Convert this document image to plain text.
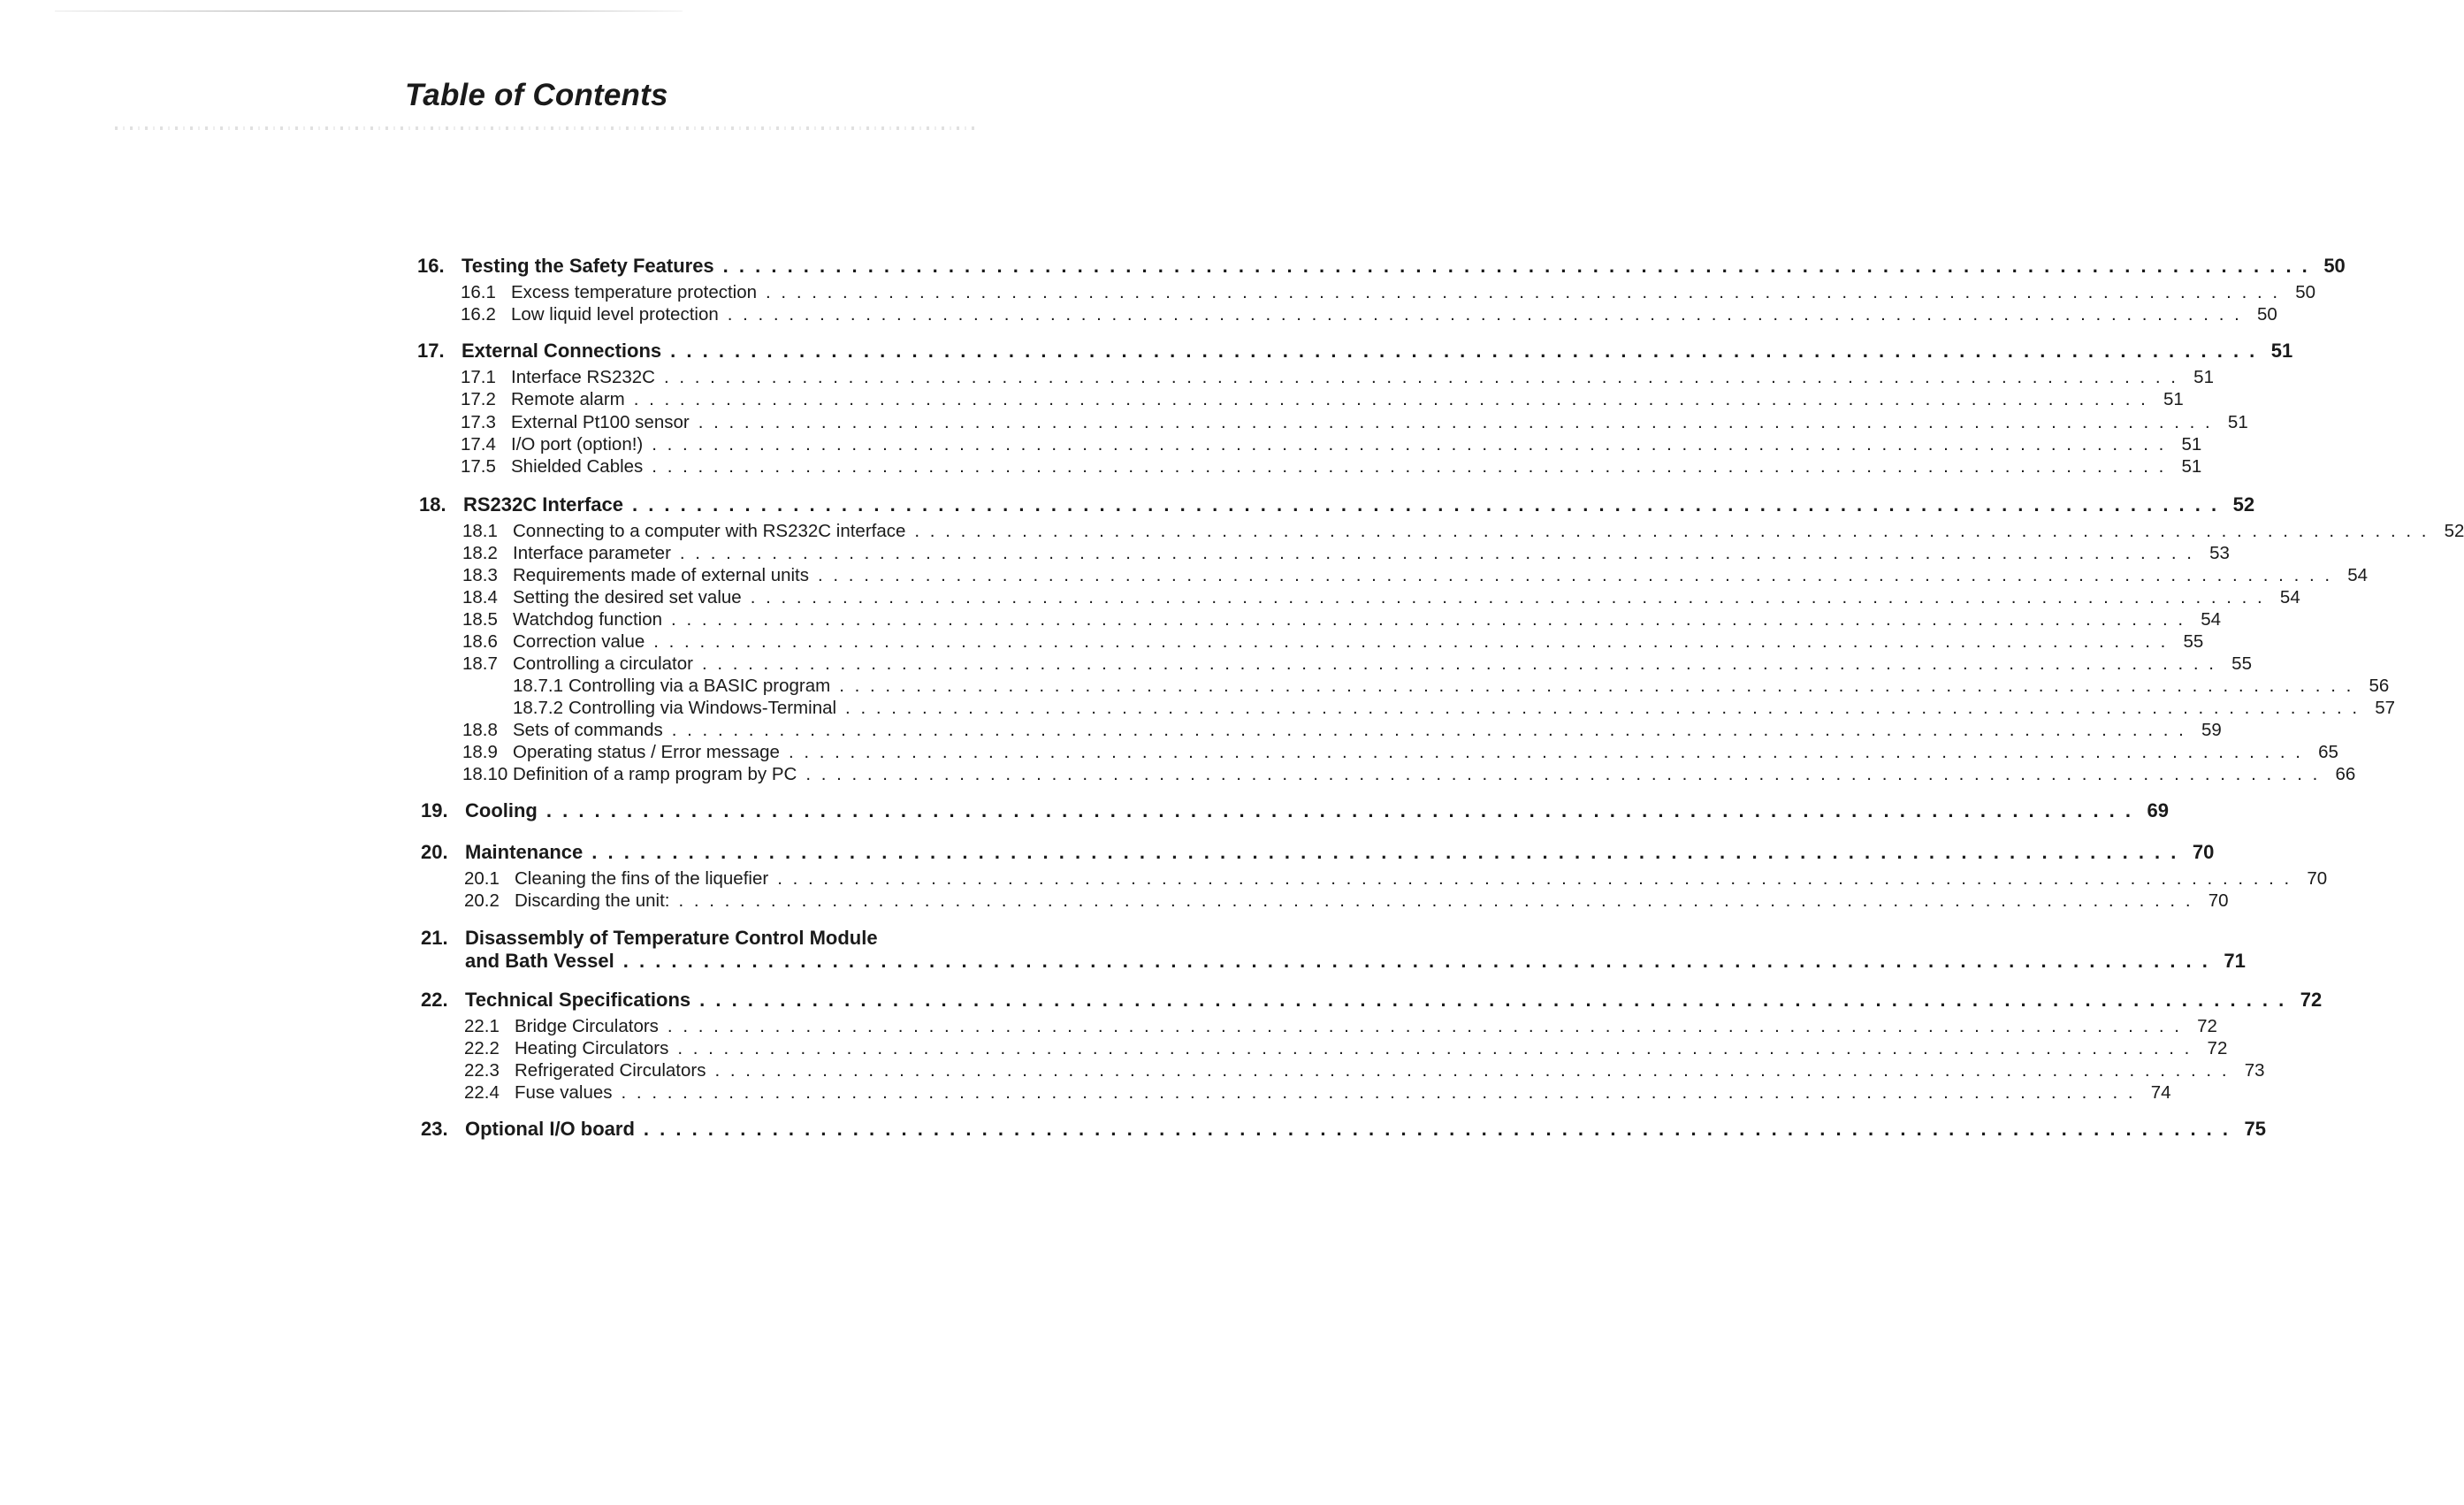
Table of Contents
16. Testing the Safety Features . . .	50
16.1 Excess temperature protection . . .	50
16.2 Low liquid level protection . . .	50
17. External Connections . . .	51
17.1 Interface RS232C . . .	51
17.2 Remote alarm . . .	51
17.3 External Pt100 sensor . . .	51
17.4 I/O port (option!) . . .	51
17.5 Shielded Cables . . .	51
18. RS232C Interface . . .	52
18.1 Connecting to a computer with RS232C interface . . .	52
18.2 Interface parameter . . .	53
18.3 Requirements made of external units . . .	54
18.4 Setting the desired set value . . .	54
18.5 Watchdog function . . .	54
18.6 Correction value . . .	55
18.7 Controlling a circulator . . .	55
18.7.1 Controlling via a BASIC program . . .	56
18.7.2 Controlling via Windows-Terminal . . .	57
18.8 Sets of commands . . .	59
18.9 Operating status / Error message . . .	65
18.10 Definition of a ramp program by PC . . .	66
19. Cooling . . .	69
20. Maintenance . . .	70
20.1 Cleaning the fins of the liquefier . . .	70
20.2 Discarding the unit: . . .	70
21. Disassembly of Temperature Control Module
and Bath Vessel . . .	71
22. Technical Specifications . . .	72
22.1 Bridge Circulators . . .	72
22.2 Heating Circulators . . .	72
22.3 Refrigerated Circulators . . .	73
22.4 Fuse values . . .	74
23. Optional I/O board . . .	75
